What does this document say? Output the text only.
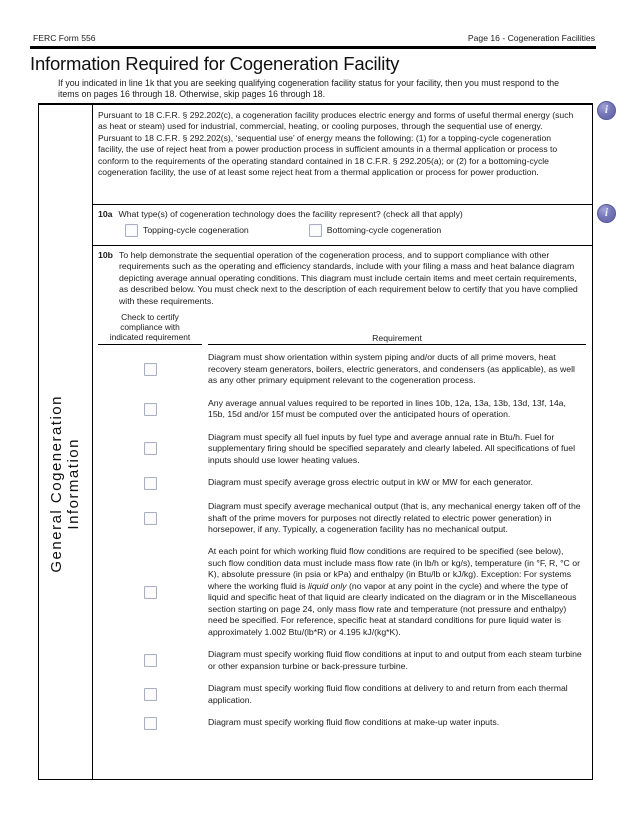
FERC Form 556	Page 16 - Cogeneration Facilities
Information Required for Cogeneration Facility
If you indicated in line 1k that you are seeking qualifying cogeneration facility status for your facility, then you must respond to the items on pages 16 through 18. Otherwise, skip pages 16 through 18.
General Cogeneration Information
Pursuant to 18 C.F.R. § 292.202(c), a cogeneration facility produces electric energy and forms of useful thermal energy (such as heat or steam) used for industrial, commercial, heating, or cooling purposes, through the sequential use of energy. Pursuant to 18 C.F.R. § 292.202(s), ‘sequential use’ of energy means the following: (1) for a topping-cycle cogeneration facility, the use of reject heat from a power production process in sufficient amounts in a thermal application or process to conform to the requirements of the operating standard contained in 18 C.F.R. § 292.205(a); or (2) for a bottoming-cycle cogeneration facility, the use of at least some reject heat from a thermal application or process for power production.
10a What type(s) of cogeneration technology does the facility represent? (check all that apply)
Topping-cycle cogeneration	Bottoming-cycle cogeneration
10b To help demonstrate the sequential operation of the cogeneration process, and to support compliance with other requirements such as the operating and efficiency standards, include with your filing a mass and heat balance diagram depicting average annual operating conditions. This diagram must include certain items and meet certain requirements, as described below. You must check next to the description of each requirement below to certify that you have complied with these requirements.
Check to certify compliance with indicated requirement	Requirement
Diagram must show orientation within system piping and/or ducts of all prime movers, heat recovery steam generators, boilers, electric generators, and condensers (as applicable), as well as any other primary equipment relevant to the cogeneration process.
Any average annual values required to be reported in lines 10b, 12a, 13a, 13b, 13d, 13f, 14a, 15b, 15d and/or 15f must be computed over the anticipated hours of operation.
Diagram must specify all fuel inputs by fuel type and average annual rate in Btu/h. Fuel for supplementary firing should be specified separately and clearly labeled. All specifications of fuel inputs should use lower heating values.
Diagram must specify average gross electric output in kW or MW for each generator.
Diagram must specify average mechanical output (that is, any mechanical energy taken off of the shaft of the prime movers for purposes not directly related to electric power generation) in horsepower, if any. Typically, a cogeneration facility has no mechanical output.
At each point for which working fluid flow conditions are required to be specified (see below), such flow condition data must include mass flow rate (in lb/h or kg/s), temperature (in °F, R, °C or K), absolute pressure (in psia or kPa) and enthalpy (in Btu/lb or kJ/kg). Exception: For systems where the working fluid is liquid only (no vapor at any point in the cycle) and where the type of liquid and specific heat of that liquid are clearly indicated on the diagram or in the Miscellaneous section starting on page 24, only mass flow rate and temperature (not pressure and enthalpy) need be specified. For reference, specific heat at standard conditions for pure liquid water is approximately 1.002 Btu/(lb*R) or 4.195 kJ/(kg*K).
Diagram must specify working fluid flow conditions at input to and output from each steam turbine or other expansion turbine or back-pressure turbine.
Diagram must specify working fluid flow conditions at delivery to and return from each thermal application.
Diagram must specify working fluid flow conditions at make-up water inputs.
i
i
